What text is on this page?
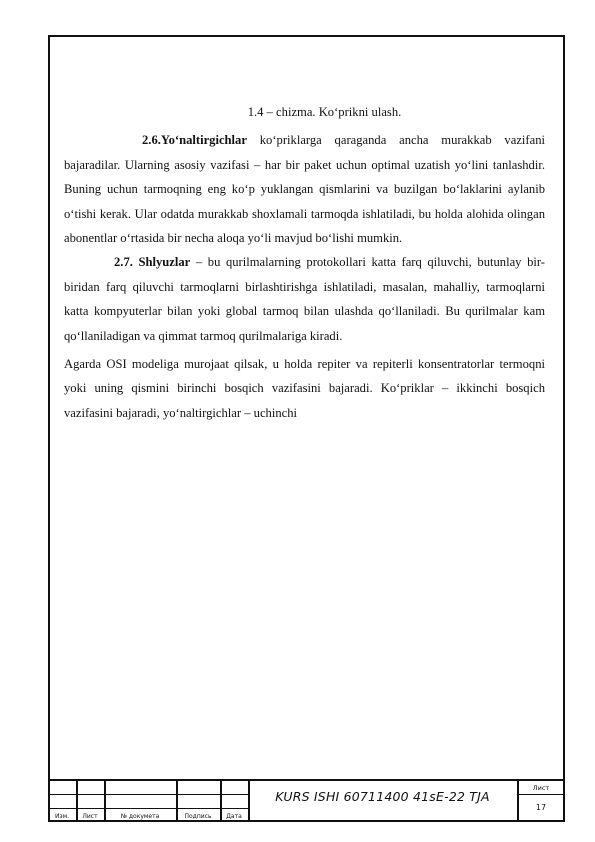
1.4 – chizma. Ko‘prikni ulash.

2.6.Yo‘naltirgichlar ko‘priklarga qaraganda ancha murakkab vazifani bajaradilar. Ularning asosiy vazifasi – har bir paket uchun optimal uzatish yo‘lini tanlashdir. Buning uchun tarmoqning eng ko‘p yuklangan qismlarini va buzilgan bo‘laklarini aylanib o‘tishi kerak. Ular odatda murakkab shoxlamali tarmoqda ishlatiladi, bu holda alohida olingan abonentlar o‘rtasida bir necha aloqa yo‘li mavjud bo‘lishi mumkin.

2.7. Shlyuzlar – bu qurilmalarning protokollari katta farq qiluvchi, butunlay bir-biridan farq qiluvchi tarmoqlarni birlashtirishga ishlatiladi, masalan, mahalliy, tarmoqlarni katta kompyuterlar bilan yoki global tarmoq bilan ulashda qo‘llaniladi. Bu qurilmalar kam qo‘llaniladigan va qimmat tarmoq qurilmalariga kiradi.

Agarda OSI modeliga murojaat qilsak, u holda repiter va repiterli konsentratorlar termoqni yoki uning qismini birinchi bosqich vazifasini bajaradi. Ko‘priklar – ikkinchi bosqich vazifasini bajaradi, yo‘naltirgichlar – uchinchi

Изм.	Лист	№ докумета	Подпись	Дата
KURS ISHI 60711400 41sE-22 TJA
Лист
17
